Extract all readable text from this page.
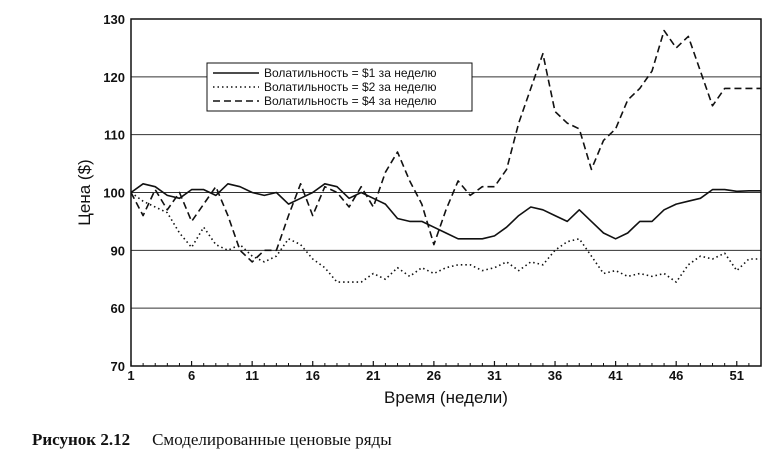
1	6	11	16	21	26	31	36	41	46	51
70
60
90
100
110
120
130
Время (недели)
Цена ($)
Волатильность = $1 за неделю
Волатильность = $2 за неделю
Волатильность = $4 за неделю
Рисунок 2.12 Смоделированные ценовые ряды
